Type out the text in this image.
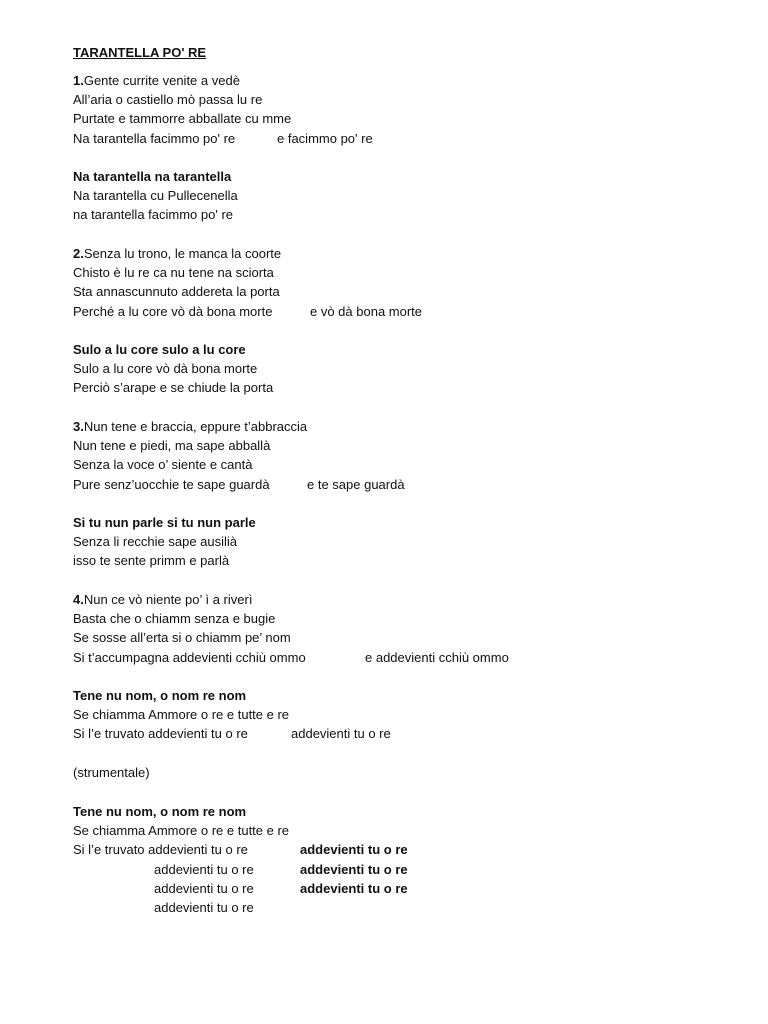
TARANTELLA PO' RE
1.Gente currite venite a vedè
All’aria o castiello mò passa lu re
Purtate e tammorre abballate cu mme
Na tarantella facimmo po' re	e facimmo po' re
Na tarantella na tarantella
Na tarantella cu Pullecenella
na tarantella facimmo po' re
2.Senza lu trono, le manca la coorte
Chisto è lu re ca nu tene na sciorta
Sta annascunnuto addereta la porta
Perché a lu core vò dà bona morte	e vò dà bona morte
Sulo a lu core sulo a lu core
Sulo a lu core vò dà bona morte
Perciò s’arape e se chiude la porta
3.Nun tene e braccia, eppure t’abbraccia
Nun tene e piedi, ma sape abballà
Senza la voce o’ siente e cantà
Pure senz’uocchie te sape guardà	e te sape guardà
Si tu nun parle si tu nun parle
Senza li recchie sape ausilià
isso te sente primm e parlà
4.Nun ce vò niente po’ ì a riverì
Basta che o chiamm senza e bugie
Se sosse all’erta si o chiamm pe’ nom
Si t’accumpagna addevienti cchiù ommo	e addevienti cchiù ommo
Tene nu nom, o nom re nom
Se chiamma Ammore o re e tutte e re
Si l’e truvato addevienti tu o re	addevienti tu o re
(strumentale)
Tene nu nom, o nom re nom
Se chiamma Ammore o re e tutte e re
Si l’e truvato addevienti tu o re	addevienti tu o re
addevienti tu o re	addevienti tu o re
addevienti tu o re	addevienti tu o re
addevienti tu o re
